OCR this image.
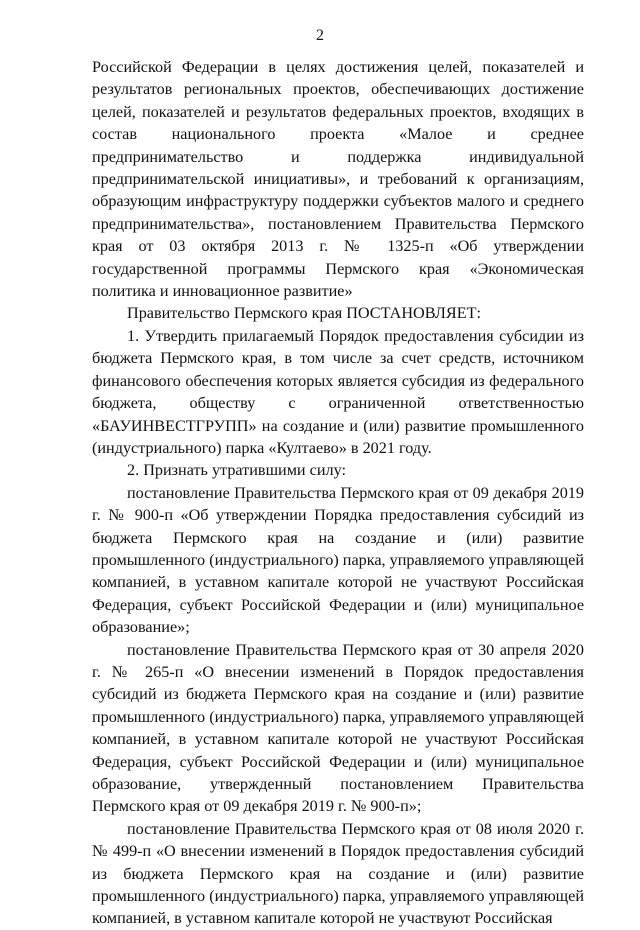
2

Российской Федерации в целях достижения целей, показателей и результатов региональных проектов, обеспечивающих достижение целей, показателей и результатов федеральных проектов, входящих в состав национального проекта «Малое и среднее предпринимательство и поддержка индивидуальной предпринимательской инициативы», и требований к организациям, образующим инфраструктуру поддержки субъектов малого и среднего предпринимательства», постановлением Правительства Пермского края от 03 октября 2013 г. № 1325-п «Об утверждении государственной программы Пермского края «Экономическая политика и инновационное развитие»

Правительство Пермского края ПОСТАНОВЛЯЕТ:

1. Утвердить прилагаемый Порядок предоставления субсидии из бюджета Пермского края, в том числе за счет средств, источником финансового обеспечения которых является субсидия из федерального бюджета, обществу с ограниченной ответственностью «БАУИНВЕСТГРУПП» на создание и (или) развитие промышленного (индустриального) парка «Култаево» в 2021 году.

2. Признать утратившими силу:

постановление Правительства Пермского края от 09 декабря 2019 г. № 900-п «Об утверждении Порядка предоставления субсидий из бюджета Пермского края на создание и (или) развитие промышленного (индустриального) парка, управляемого управляющей компанией, в уставном капитале которой не участвуют Российская Федерация, субъект Российской Федерации и (или) муниципальное образование»;

постановление Правительства Пермского края от 30 апреля 2020 г. № 265-п «О внесении изменений в Порядок предоставления субсидий из бюджета Пермского края на создание и (или) развитие промышленного (индустриального) парка, управляемого управляющей компанией, в уставном капитале которой не участвуют Российская Федерация, субъект Российской Федерации и (или) муниципальное образование, утвержденный постановлением Правительства Пермского края от 09 декабря 2019 г. № 900-п»;

постановление Правительства Пермского края от 08 июля 2020 г. № 499-п «О внесении изменений в Порядок предоставления субсидий из бюджета Пермского края на создание и (или) развитие промышленного (индустриального) парка, управляемого управляющей компанией, в уставном капитале которой не участвуют Российская
